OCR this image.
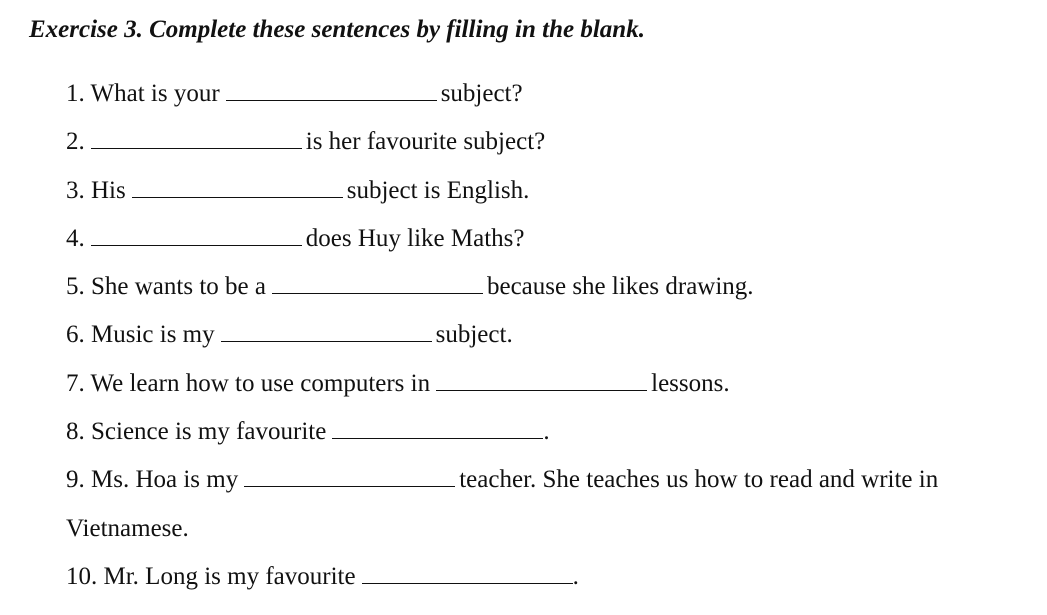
Exercise 3. Complete these sentences by filling in the blank.
1. What is your	subject?
2.	is her favourite subject?
3. His	subject is English.
4.	does Huy like Maths?
5. She wants to be a	because she likes drawing.
6. Music is my	subject.
7. We learn how to use computers in	lessons.
8. Science is my favourite	.
9. Ms. Hoa is my	teacher. She teaches us how to read and write in
Vietnamese.
10. Mr. Long is my favourite	.
